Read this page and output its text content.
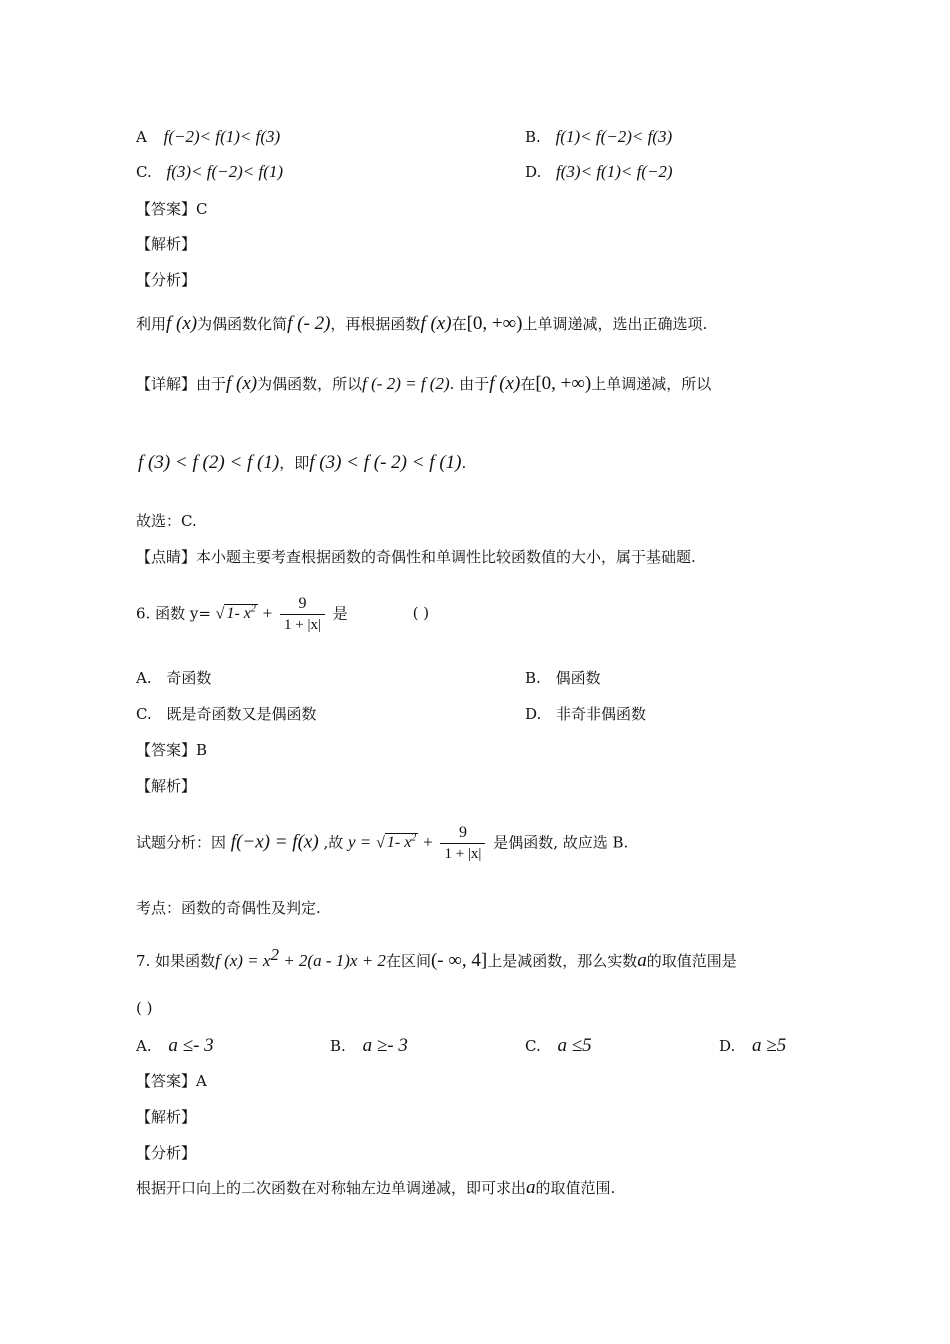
A f(−2)< f(1)< f(3)	B. f(1)< f(−2)< f(3)
C. f(3)< f(−2)< f(1)	D. f(3)< f(1)< f(−2)
【答案】C
【解析】
【分析】
利用f (x)为偶函数化简f (- 2)，再根据函数f (x)在[0, +∞)上单调递减，选出正确选项.
【详解】由于f (x)为偶函数，所以f (- 2) = f (2). 由于f (x)在[0, +∞)上单调递减，所以
f (3) < f (2) < f (1)，即f (3) < f (- 2) < f (1).
故选：C.
【点睛】本小题主要考查根据函数的奇偶性和单调性比较函数值的大小，属于基础题.
6. 函数 y= √ 1- $x^2 + \frac{9}{1 + |x|}$ 是	( )
A. 奇函数	B. 偶函数
C. 既是奇函数又是偶函数	D. 非奇非偶函数
【答案】B
【解析】
试题分析：因 f(−x) = f(x) ,故 y = √ 1- $x^2 + \frac{9}{1 + |x|}$ 是偶函数, 故应选 B.
考点：函数的奇偶性及判定.
7. 如果函数f $(x) = x^2 + 2(a - 1)x + 2$在区间(- ∞, 4]上是减函数，那么实数a的取值范围是
( )
A. a ≤- 3	B. a ≥- 3	C. a ≤5	D. a ≥5
【答案】A
【解析】
【分析】
根据开口向上的二次函数在对称轴左边单调递减，即可求出a的取值范围.
